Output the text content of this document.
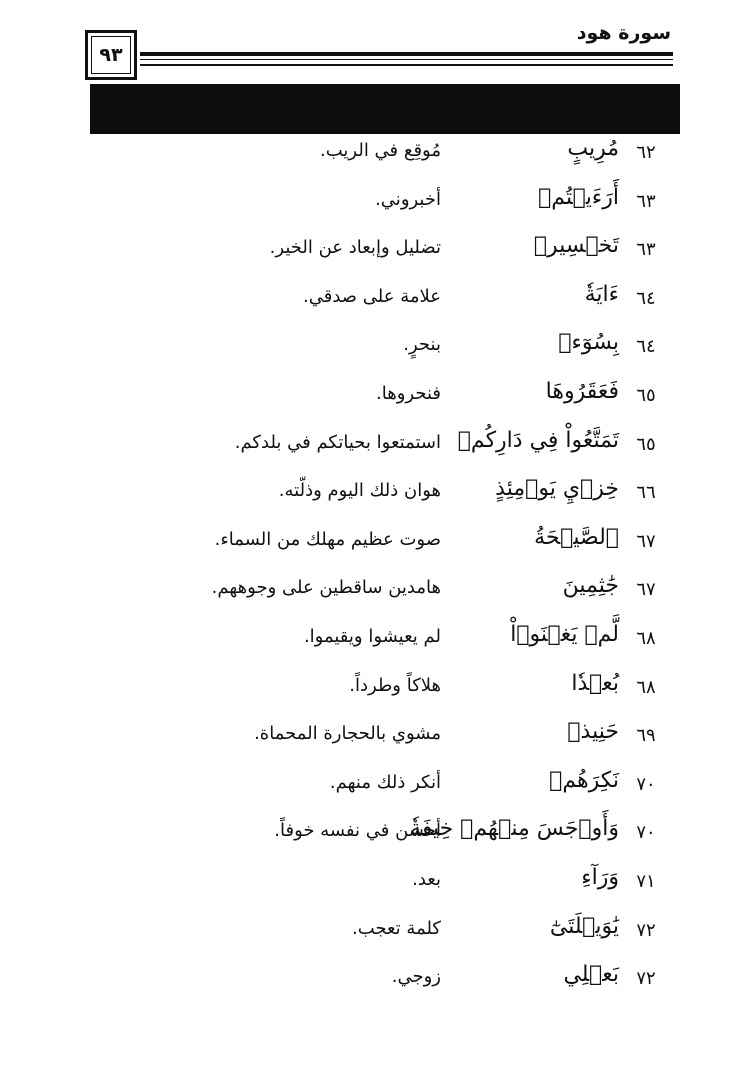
سورة هود
٩٣
٦٢
مُرِيبٍ
مُوقِع في الريب.
٦٣
أَرَءَيۡتُمۡ
أخبروني.
٦٣
تَخۡسِيرٖ
تضليل وإبعاد عن الخير.
٦٤
ءَايَةٗ
علامة على صدقي.
٦٤
بِسُوٓءٖ
بنحرٍ.
٦٥
فَعَقَرُوهَا
فنحروها.
٦٥
تَمَتَّعُواْ فِي دَارِكُمۡ
استمتعوا بحياتكم في بلدكم.
٦٦
خِزۡيِ يَوۡمِئِذٍ
هوان ذلك اليوم وذلّته.
٦٧
ٱلصَّيۡحَةُ
صوت عظيم مهلك من السماء.
٦٧
جَٰثِمِينَ
هامدين ساقطين على وجوههم.
٦٨
لَّمۡ يَغۡنَوۡاْ
لم يعيشوا ويقيموا.
٦٨
بُعۡدٗا
هلاكاً وطرداً.
٦٩
حَنِيذٖ
مشوي بالحجارة المحماة.
٧٠
نَكِرَهُمۡ
أنكر ذلك منهم.
٧٠
وَأَوۡجَسَ مِنۡهُمۡ خِيفَةٗ
أحسن في نفسه خوفاً.
٧١
وَرَآءِ
بعد.
٧٢
يَٰوَيۡلَتَىٰٓ
كلمة تعجب.
٧٢
بَعۡلِي
زوجي.
